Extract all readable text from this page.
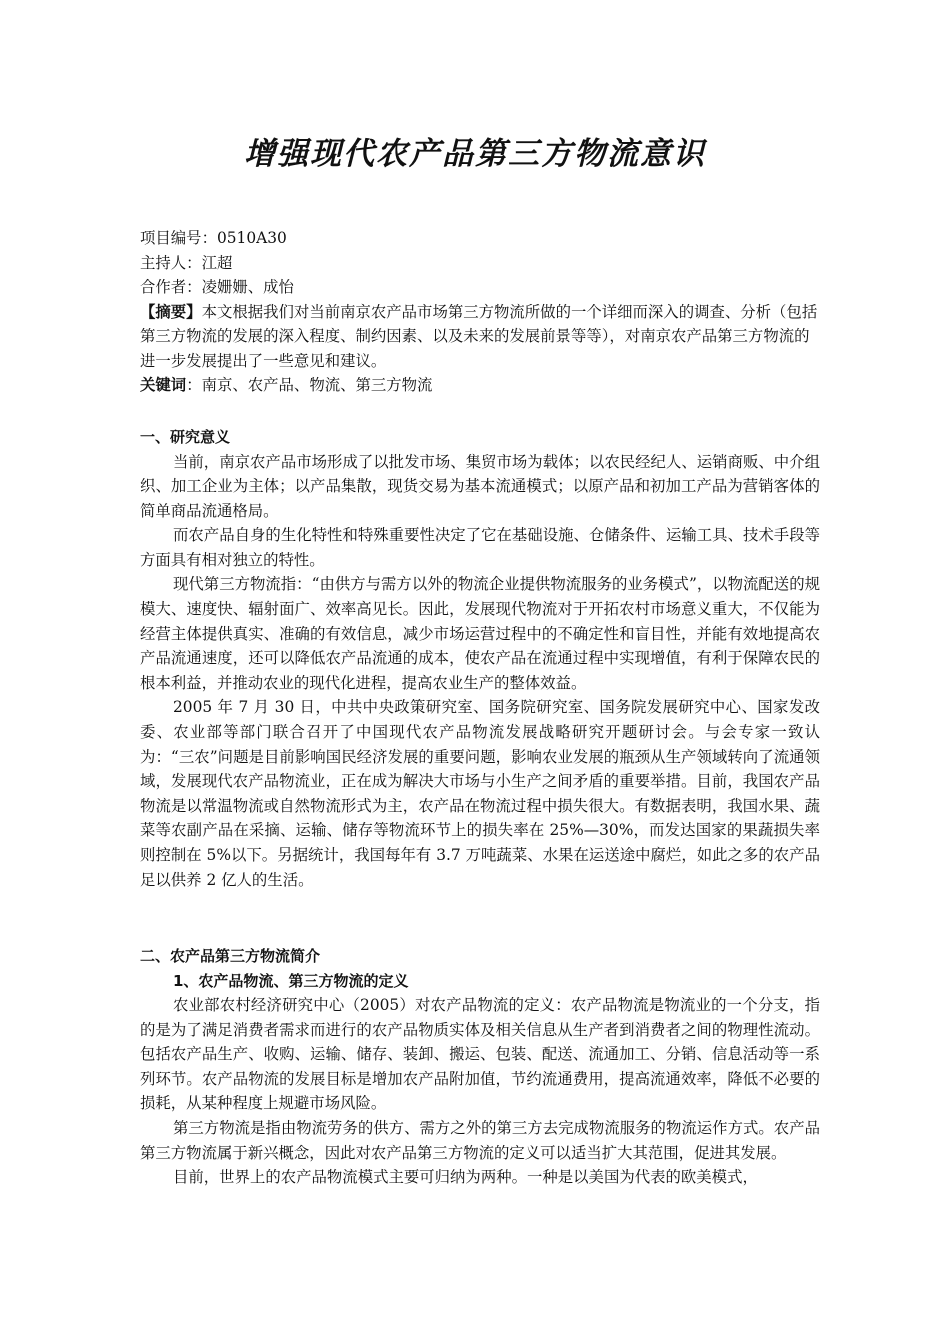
增强现代农产品第三方物流意识

项目编号：0510A30

主持人：江超

合作者：凌姗姗、成怡

【摘要】本文根据我们对当前南京农产品市场第三方物流所做的一个详细而深入的调查、分析（包括第三方物流的发展的深入程度、制约因素、以及未来的发展前景等等），对南京农产品第三方物流的进一步发展提出了一些意见和建议。

关键词：南京、农产品、物流、第三方物流

一、研究意义

当前，南京农产品市场形成了以批发市场、集贸市场为载体；以农民经纪人、运销商贩、中介组织、加工企业为主体；以产品集散，现货交易为基本流通模式；以原产品和初加工产品为营销客体的简单商品流通格局。

而农产品自身的生化特性和特殊重要性决定了它在基础设施、仓储条件、运输工具、技术手段等方面具有相对独立的特性。

现代第三方物流指：“由供方与需方以外的物流企业提供物流服务的业务模式”，以物流配送的规模大、速度快、辐射面广、效率高见长。因此，发展现代物流对于开拓农村市场意义重大，不仅能为经营主体提供真实、准确的有效信息，减少市场运营过程中的不确定性和盲目性，并能有效地提高农产品流通速度，还可以降低农产品流通的成本，使农产品在流通过程中实现增值，有利于保障农民的根本利益，并推动农业的现代化进程，提高农业生产的整体效益。

2005 年 7 月 30 日，中共中央政策研究室、国务院研究室、国务院发展研究中心、国家发改委、农业部等部门联合召开了中国现代农产品物流发展战略研究开题研讨会。与会专家一致认为：“三农”问题是目前影响国民经济发展的重要问题，影响农业发展的瓶颈从生产领域转向了流通领域，发展现代农产品物流业，正在成为解决大市场与小生产之间矛盾的重要举措。目前，我国农产品物流是以常温物流或自然物流形式为主，农产品在物流过程中损失很大。有数据表明，我国水果、蔬菜等农副产品在采摘、运输、储存等物流环节上的损失率在 25%—30%，而发达国家的果蔬损失率则控制在 5%以下。另据统计，我国每年有 3.7 万吨蔬菜、水果在运送途中腐烂，如此之多的农产品足以供养 2 亿人的生活。

二、农产品第三方物流简介

1、农产品物流、第三方物流的定义

农业部农村经济研究中心（2005）对农产品物流的定义：农产品物流是物流业的一个分支，指的是为了满足消费者需求而进行的农产品物质实体及相关信息从生产者到消费者之间的物理性流动。包括农产品生产、收购、运输、储存、装卸、搬运、包装、配送、流通加工、分销、信息活动等一系列环节。农产品物流的发展目标是增加农产品附加值，节约流通费用，提高流通效率，降低不必要的损耗，从某种程度上规避市场风险。

第三方物流是指由物流劳务的供方、需方之外的第三方去完成物流服务的物流运作方式。农产品第三方物流属于新兴概念，因此对农产品第三方物流的定义可以适当扩大其范围，促进其发展。

目前，世界上的农产品物流模式主要可归纳为两种。一种是以美国为代表的欧美模式，
